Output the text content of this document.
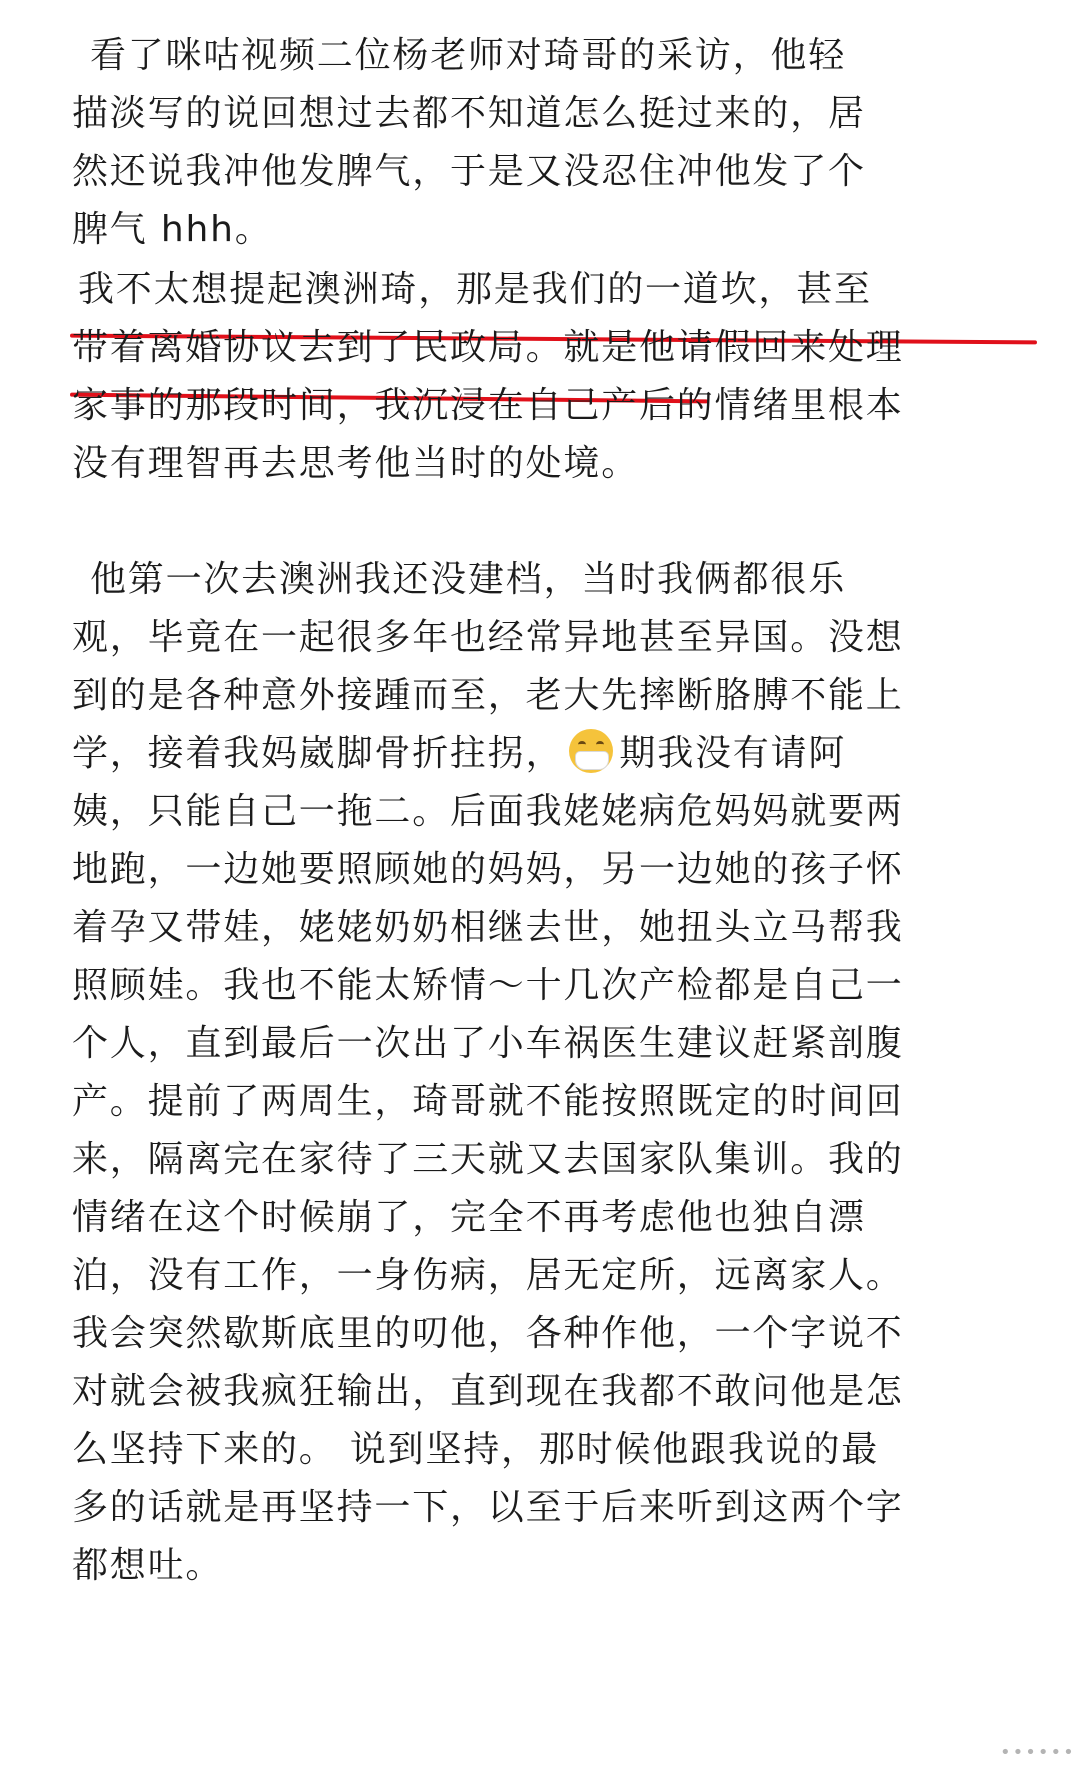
看了咪咕视频二位杨老师对琦哥的采访，他轻
描淡写的说回想过去都不知道怎么挺过来的，居
然还说我冲他发脾气，于是又没忍住冲他发了个
脾气 hhh。
我不太想提起澳洲琦，那是我们的一道坎，甚至
带着离婚协议去到了民政局。就是他请假回来处理
家事的那段时间，我沉浸在自己产后的情绪里根本
没有理智再去思考他当时的处境。
他第一次去澳洲我还没建档，当时我俩都很乐
观，毕竟在一起很多年也经常异地甚至异国。没想
到的是各种意外接踵而至，老大先摔断胳膊不能上
学，接着我妈崴脚骨折拄拐， 期我没有请阿
姨，只能自己一拖二。后面我姥姥病危妈妈就要两
地跑，一边她要照顾她的妈妈，另一边她的孩子怀
着孕又带娃，姥姥奶奶相继去世，她扭头立马帮我
照顾娃。我也不能太矫情～十几次产检都是自己一
个人，直到最后一次出了小车祸医生建议赶紧剖腹
产。提前了两周生，琦哥就不能按照既定的时间回
来，隔离完在家待了三天就又去国家队集训。我的
情绪在这个时候崩了，完全不再考虑他也独自漂
泊，没有工作，一身伤病，居无定所，远离家人。
我会突然歇斯底里的叨他，各种作他，一个字说不
对就会被我疯狂输出，直到现在我都不敢问他是怎
么坚持下来的。 说到坚持，那时候他跟我说的最
多的话就是再坚持一下，以至于后来听到这两个字
都想吐。
••••••
